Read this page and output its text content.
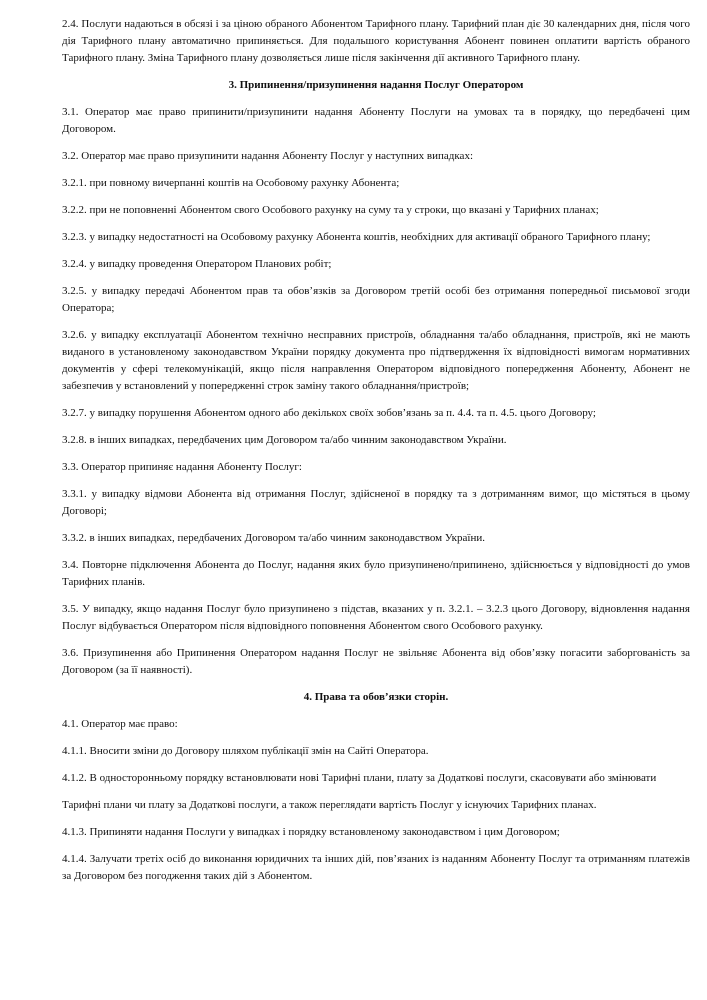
2.4. Послуги надаються в обсязі і за ціною обраного Абонентом Тарифного плану. Тарифний план діє 30 календарних дня, після чого дія Тарифного плану автоматично припиняється. Для подальшого користування Абонент повинен оплатити вартість обраного Тарифного плану. Зміна Тарифного плану дозволяється лише після закінчення дії активного Тарифного плану.

3. Припинення/призупинення надання Послуг Оператором

3.1. Оператор має право припинити/призупинити надання Абоненту Послуги на умовах та в порядку, що передбачені цим Договором.

3.2. Оператор має право призупинити надання Абоненту Послуг у наступних випадках:

3.2.1. при повному вичерпанні коштів на Особовому рахунку Абонента;

3.2.2. при не поповненні Абонентом свого Особового рахунку на суму та у строки, що вказані у Тарифних планах;

3.2.3. у випадку недостатності на Особовому рахунку Абонента коштів, необхідних для активації обраного Тарифного плану;

3.2.4. у випадку проведення Оператором Планових робіт;

3.2.5. у випадку передачі Абонентом прав та обов’язків за Договором третій особі без отримання попередньої письмової згоди Оператора;

3.2.6. у випадку експлуатації Абонентом технічно несправних пристроїв, обладнання та/або обладнання, пристроїв, які не мають виданого в установленому законодавством України порядку документа про підтвердження їх відповідності вимогам нормативних документів у сфері телекомунікацій, якщо після направлення Оператором відповідного попередження Абоненту, Абонент не забезпечив у встановлений у попередженні строк заміну такого обладнання/пристроїв;

3.2.7. у випадку порушення Абонентом одного або декількох своїх зобов’язань за п. 4.4. та п. 4.5. цього Договору;

3.2.8. в інших випадках, передбачених цим Договором та/або чинним законодавством України.

3.3. Оператор припиняє надання Абоненту Послуг:

3.3.1. у випадку відмови Абонента від отримання Послуг, здійсненої в порядку та з дотриманням вимог, що містяться в цьому Договорі;

3.3.2. в інших випадках, передбачених Договором та/або чинним законодавством України.

3.4. Повторне підключення Абонента до Послуг, надання яких було призупинено/припинено, здійснюється у відповідності до умов Тарифних планів.

3.5. У випадку, якщо надання Послуг було призупинено з підстав, вказаних у п. 3.2.1. – 3.2.3 цього Договору, відновлення надання Послуг відбувається Оператором після відповідного поповнення Абонентом свого Особового рахунку.

3.6. Призупинення або Припинення Оператором надання Послуг не звільняє Абонента від обов’язку погасити заборгованість за Договором (за її наявності).

4. Права та обов’язки сторін.

4.1. Оператор має право:

4.1.1. Вносити зміни до Договору шляхом публікації змін на Сайті Оператора.

4.1.2. В односторонньому порядку встановлювати нові Тарифні плани, плату за Додаткові послуги, скасовувати або змінювати

Тарифні плани чи плату за Додаткові послуги, а також переглядати вартість Послуг у існуючих Тарифних планах.

4.1.3. Припиняти надання Послуги у випадках і порядку встановленому законодавством і цим Договором;

4.1.4. Залучати третіх осіб до виконання юридичних та інших дій, пов’язаних із наданням Абоненту Послуг та отриманням платежів за Договором без погодження таких дій з Абонентом.
